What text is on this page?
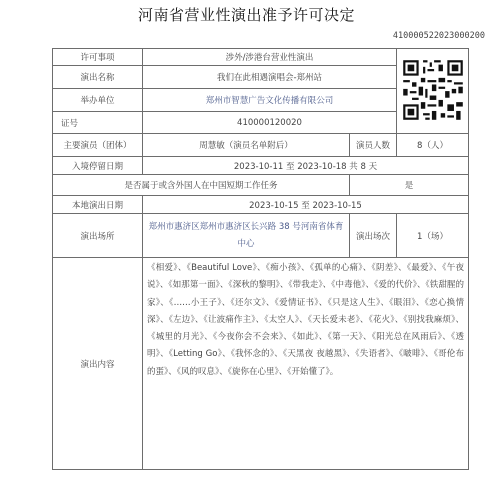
河南省营业性演出准予许可决定
4100005220230002​00
许可事项	涉外/涉港台营业性演出	
演出名称	我们在此相遇演唱会-郑州站		
举办单位	郑州市智慧广告文化传播有限公司		
证号	410000120020		
主要演员（团体）	周慧敏（演员名单附后）	演员人数	8（人）
入境停留日期	2023-10-11 至 2023-10-18 共 8 天		
是否属于或含外国人在中国短期工作任务		是	
本地演出日期	2023-10-15 至 2023-10-15		
演出场所	郑州市惠济区郑州市惠济区长兴路 38 号河南省体育中心	演出场次	1（场）
演出内容	《相爱》、《Beautiful Love》、《痴小孩》、《孤单的心痛》、《阴差》、《最爱》、《午夜说》、《如那第一面》、《深秋的黎明》、《带我走》、《中毒他》、《爱的代价》、《铁甜腥的家》、《……小王子》、《还尔文》、《爱情证书》、《只是这人生》、《眼泪》、《恋心换情深》、《左边》、《让波痛作主》、《太空人》、《天长爱未老》、《花火》、《别找我麻烦》、《城里的月光》、《今夜你会不会来》、《如此》、《第一天》、《阳光总在风雨后》、《透明》、《Letting Go》、《我怀念的》、《天黑夜 夜越黑》、《失语者》、《啵啡》、《哥伦布的蛋》、《风的叹息》、《旋你在心里》、《开始懂了》。		
